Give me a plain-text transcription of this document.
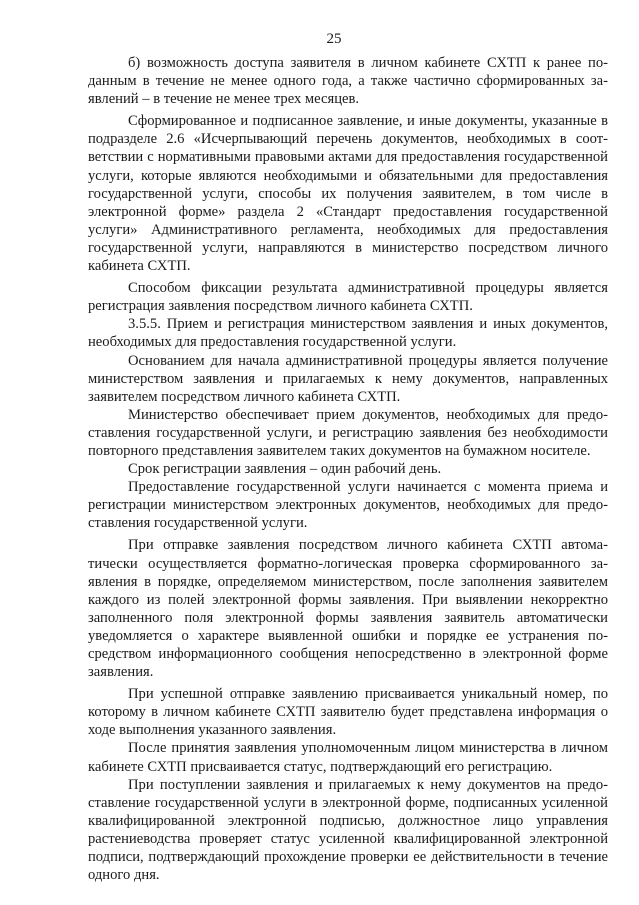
25

б) возможность доступа заявителя в личном кабинете СХТП к ранее поданным в течение не менее одного года, а также частично сформированных заявлений – в течение не менее трех месяцев.

Сформированное и подписанное заявление, и иные документы, указанные в подразделе 2.6 «Исчерпывающий перечень документов, необходимых в соответствии с нормативными правовыми актами для предоставления государственной услуги, которые являются необходимыми и обязательными для предоставления государственной услуги, способы их получения заявителем, в том числе в электронной форме» раздела 2 «Стандарт предоставления государственной услуги» Административного регламента, необходимых для предоставления государственной услуги, направляются в министерство посредством личного кабинета СХТП.

Способом фиксации результата административной процедуры является регистрация заявления посредством личного кабинета СХТП.

3.5.5. Прием и регистрация министерством заявления и иных документов, необходимых для предоставления государственной услуги.

Основанием для начала административной процедуры является получение министерством заявления и прилагаемых к нему документов, направленных заявителем посредством личного кабинета СХТП.

Министерство обеспечивает прием документов, необходимых для предоставления государственной услуги, и регистрацию заявления без необходимости повторного представления заявителем таких документов на бумажном носителе.

Срок регистрации заявления – один рабочий день.

Предоставление государственной услуги начинается с момента приема и регистрации министерством электронных документов, необходимых для предоставления государственной услуги.

При отправке заявления посредством личного кабинета СХТП автоматически осуществляется форматно-логическая проверка сформированного заявления в порядке, определяемом министерством, после заполнения заявителем каждого из полей электронной формы заявления. При выявлении некорректно заполненного поля электронной формы заявления заявитель автоматически уведомляется о характере выявленной ошибки и порядке ее устранения посредством информационного сообщения непосредственно в электронной форме заявления.

При успешной отправке заявлению присваивается уникальный номер, по которому в личном кабинете СХТП заявителю будет представлена информация о ходе выполнения указанного заявления.

После принятия заявления уполномоченным лицом министерства в личном кабинете СХТП присваивается статус, подтверждающий его регистрацию.

При поступлении заявления и прилагаемых к нему документов на предоставление государственной услуги в электронной форме, подписанных усиленной квалифицированной электронной подписью, должностное лицо управления растениеводства проверяет статус усиленной квалифицированной электронной подписи, подтверждающий прохождение проверки ее действительности в течение одного дня.
